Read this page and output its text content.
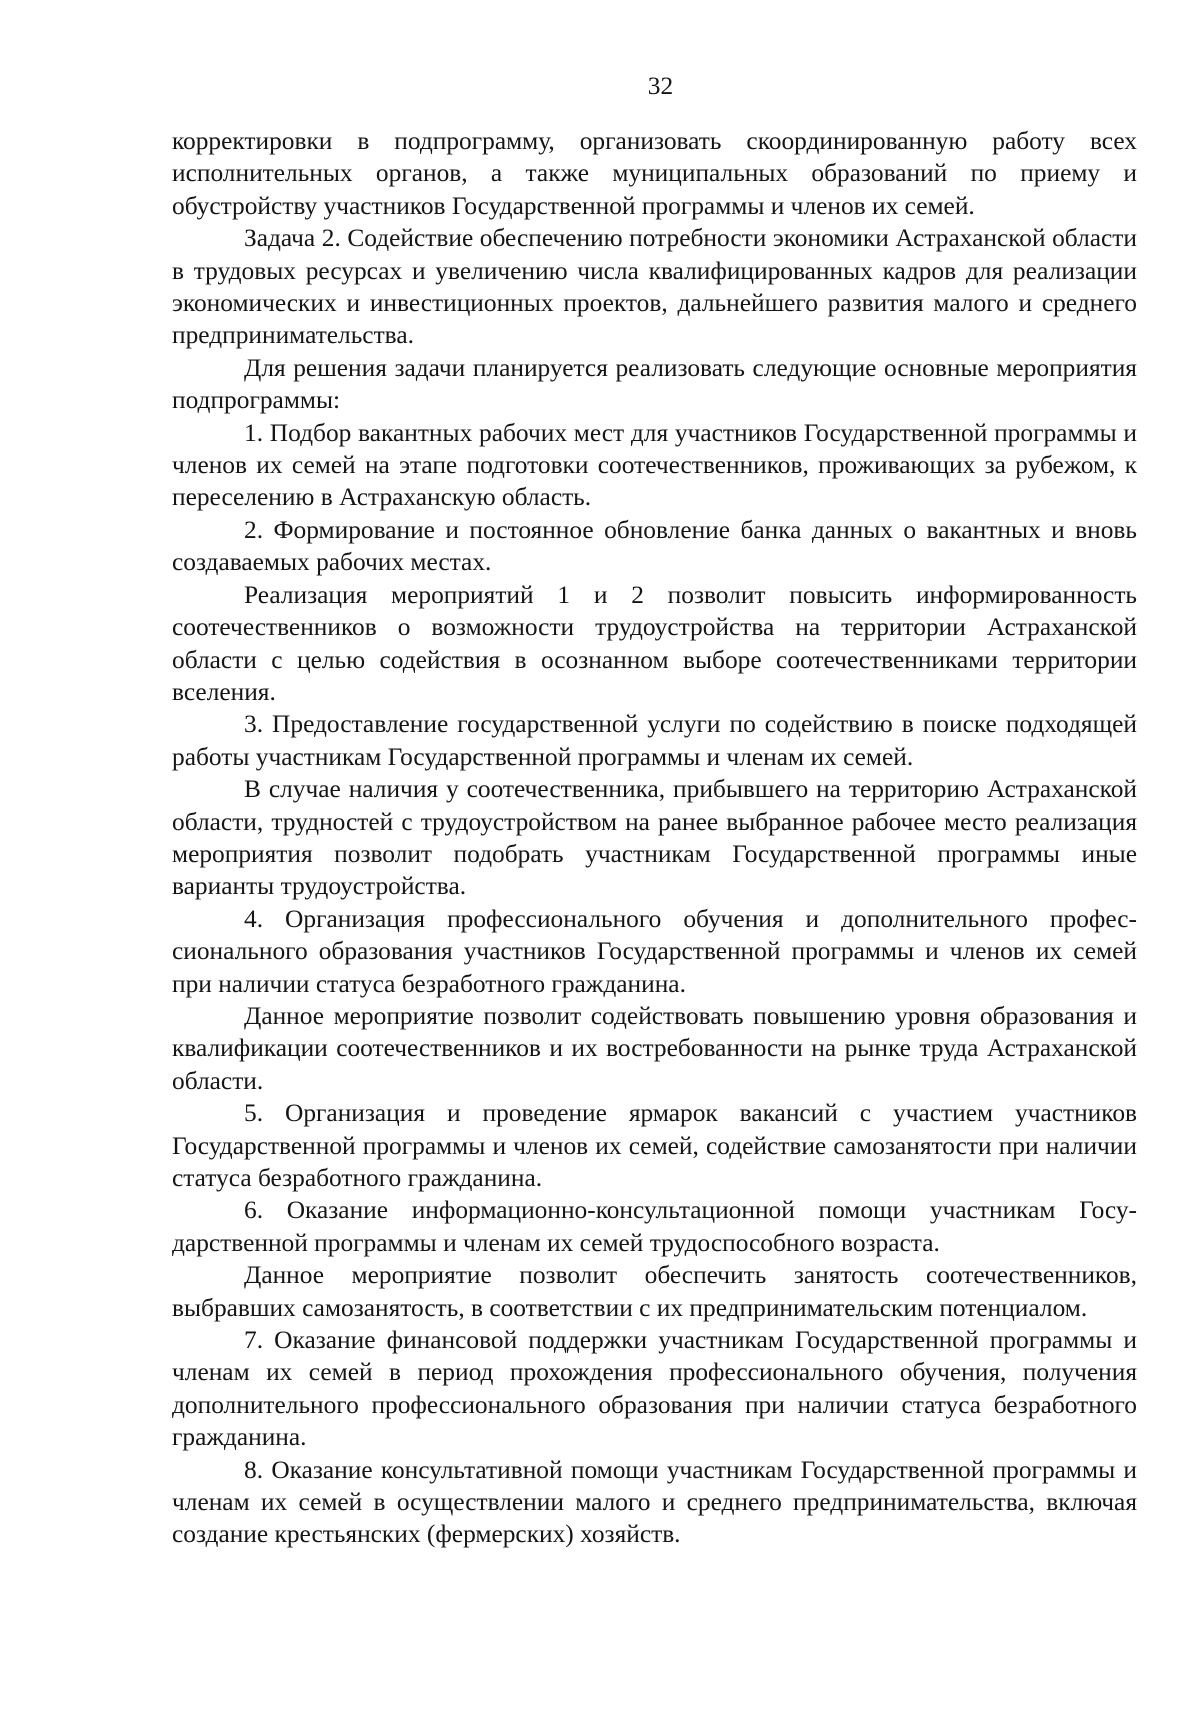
32

корректировки в подпрограмму, организовать скоординированную работу всех исполнительных органов, а также муниципальных образований по приему и обустройству участников Государственной программы и членов их семей.

Задача 2. Содействие обеспечению потребности экономики Астраханской области в трудовых ресурсах и увеличению числа квалифицированных кадров для реализации экономических и инвестиционных проектов, дальнейшего развития малого и среднего предпринимательства.

Для решения задачи планируется реализовать следующие основные мероприятия подпрограммы:

1. Подбор вакантных рабочих мест для участников Государственной программы и членов их семей на этапе подготовки соотечественников, проживающих за рубежом, к переселению в Астраханскую область.

2. Формирование и постоянное обновление банка данных о вакантных и вновь создаваемых рабочих местах.

Реализация мероприятий 1 и 2 позволит повысить информированность соотечественников о возможности трудоустройства на территории Астраханской области с целью содействия в осознанном выборе соотечественниками территории вселения.

3. Предоставление государственной услуги по содействию в поиске подходящей работы участникам Государственной программы и членам их семей.

В случае наличия у соотечественника, прибывшего на территорию Астраханской области, трудностей с трудоустройством на ранее выбранное рабочее место реализация мероприятия позволит подобрать участникам Государственной программы иные варианты трудоустройства.

4. Организация профессионального обучения и дополнительного профессионального образования участников Государственной программы и членов их семей при наличии статуса безработного гражданина.

Данное мероприятие позволит содействовать повышению уровня образования и квалификации соотечественников и их востребованности на рынке труда Астраханской области.

5. Организация и проведение ярмарок вакансий с участием участников Государственной программы и членов их семей, содействие самозанятости при наличии статуса безработного гражданина.

6. Оказание информационно-консультационной помощи участникам Государственной программы и членам их семей трудоспособного возраста.

Данное мероприятие позволит обеспечить занятость соотечественников, выбравших самозанятость, в соответствии с их предпринимательским потенциалом.

7. Оказание финансовой поддержки участникам Государственной программы и членам их семей в период прохождения профессионального обучения, получения дополнительного профессионального образования при наличии статуса безработного гражданина.

8. Оказание консультативной помощи участникам Государственной программы и членам их семей в осуществлении малого и среднего предпринимательства, включая создание крестьянских (фермерских) хозяйств.
